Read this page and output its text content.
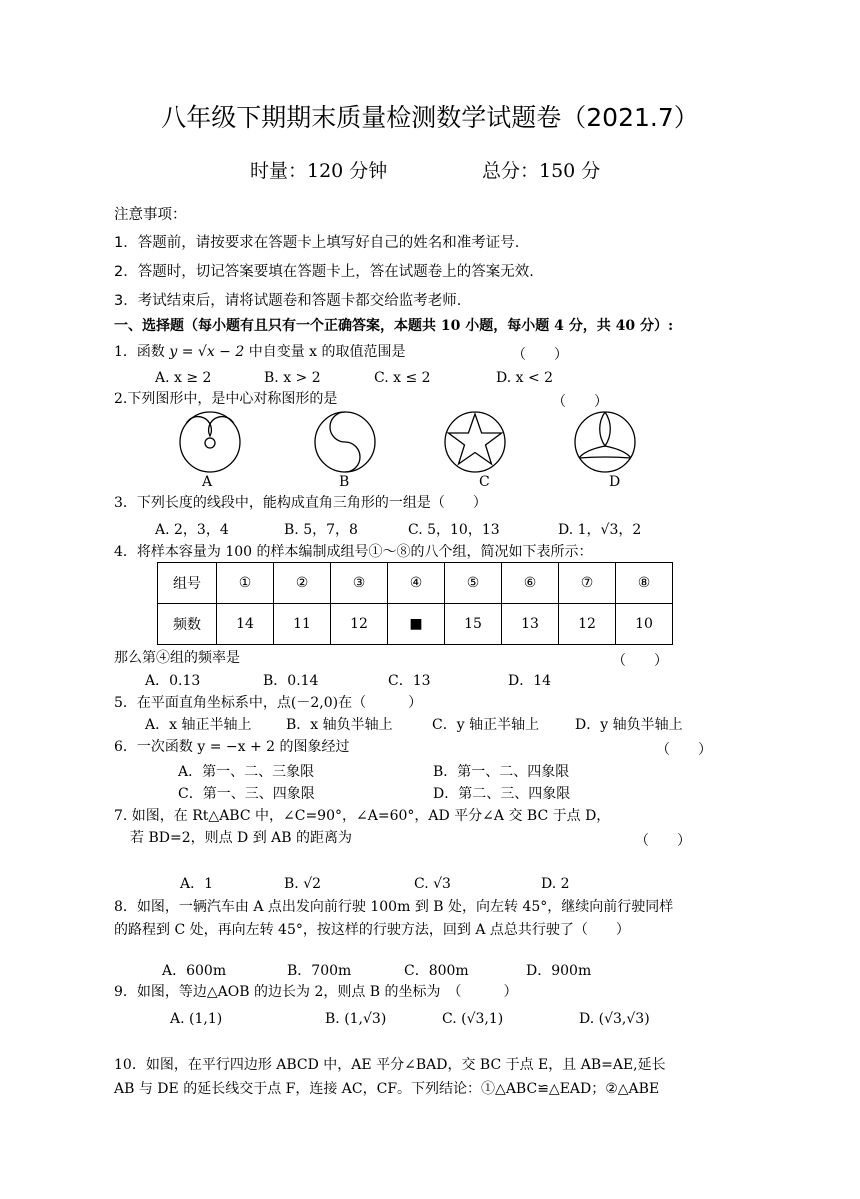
八年级下期期末质量检测数学试题卷（2021.7）
时量：120 分钟	总分：150 分
注意事项：
1．答题前，请按要求在答题卡上填写好自己的姓名和准考证号.
2．答题时，切记答案要填在答题卡上，答在试题卷上的答案无效.
3．考试结束后，请将试题卷和答题卡都交给监考老师.
一、选择题（每小题有且只有一个正确答案，本题共 10 小题，每小题 4 分，共 40 分）:
1．函数 y = √x − 2 中自变量 x 的取值范围是	（　　）
A. x ≥ 2	B. x > 2	C. x ≤ 2	D. x < 2
2.下列图形中，是中心对称图形的是	（　　）
A	B	C	D
3．下列长度的线段中，能构成直角三角形的一组是（　　）
A. 2，3，4	B. 5，7，8	C. 5，10，13	D. 1，√3，2
4．将样本容量为 100 的样本编制成组号①～⑧的八个组，简况如下表所示：
组号	①	②	③	④	⑤	⑥	⑦	⑧
频数	14	11	12	■	15	13	12	10
那么第④组的频率是	（　　）
A．0.13	B．0.14	C．13	D．14
5．在平面直角坐标系中，点(－2,0)在（　　　）
A．x 轴正半轴上 B．x 轴负半轴上	C．y 轴正半轴上	D．y 轴负半轴上
6．一次函数 y = −x + 2 的图象经过	（　　）
A．第一、二、三象限	B．第一、二、四象限
C．第一、三、四象限	D．第二、三、四象限
7. 如图，在 Rt△ABC 中，∠C=90°，∠A=60°，AD 平分∠A 交 BC 于点 D，
若 BD=2，则点 D 到 AB 的距离为	（　　）
A．1	B. √2	C. √3	D. 2
8．如图，一辆汽车由 A 点出发向前行驶 100m 到 B 处，向左转 45°，继续向前行驶同样
的路程到 C 处，再向左转 45°，按这样的行驶方法，回到 A 点总共行驶了（　　）
A．600m	B．700m	C．800m	D．900m
9．如图，等边△AOB 的边长为 2，则点 B 的坐标为　（　　　）
A. (1,1)	B. (1,√3)	C. (√3,1)	D. (√3,√3)
10．如图，在平行四边形 ABCD 中，AE 平分∠BAD，交 BC 于点 E，且 AB=AE,延长
AB 与 DE 的延长线交于点 F，连接 AC，CF。下列结论：①△ABC≌△EAD；②△ABE
